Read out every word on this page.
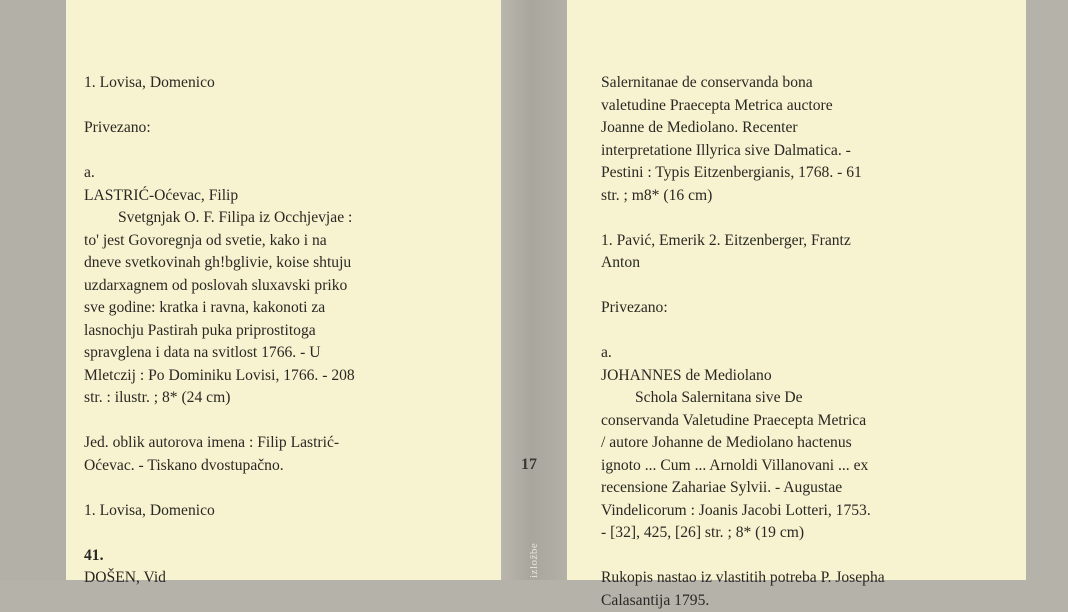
1. Lovisa, Domenico
Privezano:
a.
LASTRIĆ-Oćevac, Filip
Svetgnjak O. F. Filipa iz Occhjevjae :
to' jest Govoregnja od svetie, kako i na
dneve svetkovinah gh!bglivie, koise shtuju
uzdarxagnem od poslovah sluxavski priko
sve godine: kratka i ravna, kakonoti za
lasnochju Pastirah puka priprostitoga
spravglena i data na svitlost 1766. - U
Mletczij : Po Dominiku Lovisi, 1766. - 208
str. : ilustr. ; 8* (24 cm)
Jed. oblik autorova imena : Filip Lastrić-
Oćevac. - Tiskano dvostupačno.
1. Lovisa, Domenico
41.
DOŠEN, Vid
17
izložbe
Salernitanae de conservanda bona
valetudine Praecepta Metrica auctore
Joanne de Mediolano. Recenter
interpretatione Illyrica sive Dalmatica. -
Pestini : Typis Eitzenbergianis, 1768. - 61
str. ; m8* (16 cm)
1. Pavić, Emerik 2. Eitzenberger, Frantz
Anton
Privezano:
a.
JOHANNES de Mediolano
Schola Salernitana sive De
conservanda Valetudine Praecepta Metrica
/ autore Johanne de Mediolano hactenus
ignoto ... Cum ... Arnoldi Villanovani ... ex
recensione Zahariae Sylvii. - Augustae
Vindelicorum : Joanis Jacobi Lotteri, 1753.
- [32], 425, [26] str. ; 8* (19 cm)
Rukopis nastao iz vlastitih potreba P. Josepha
Calasantija 1795.
